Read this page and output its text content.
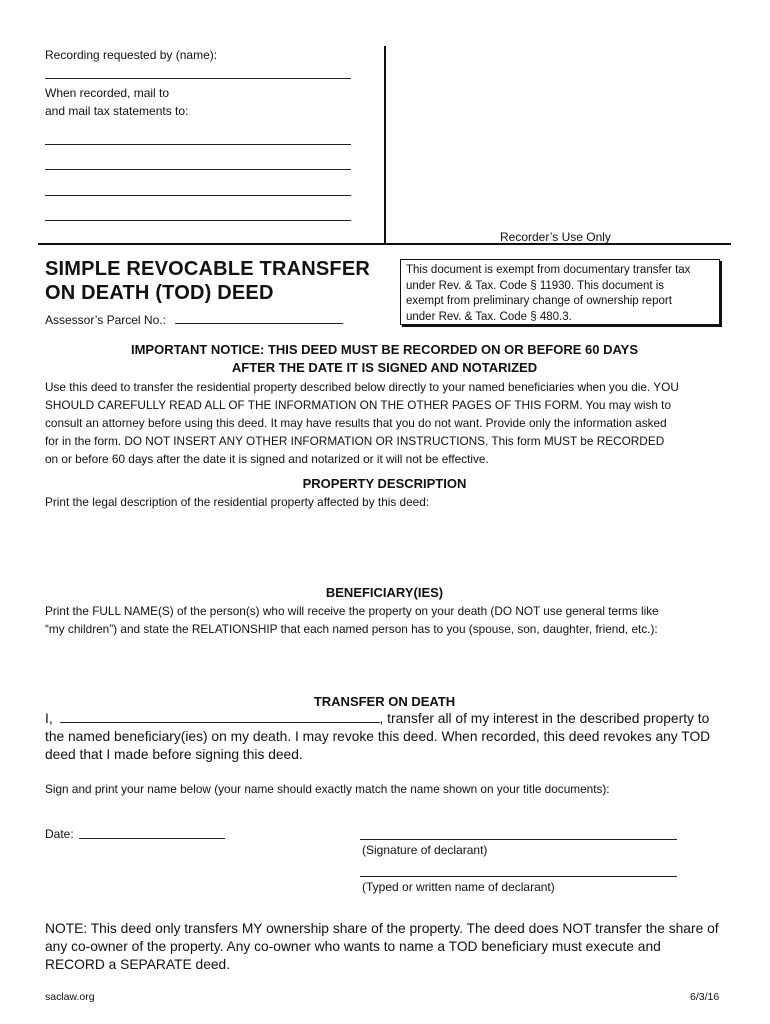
Recording requested by (name):
When recorded, mail to
and mail tax statements to:
Recorder’s Use Only
SIMPLE REVOCABLE TRANSFER
ON DEATH (TOD) DEED
Assessor’s Parcel No.:
This document is exempt from documentary transfer tax
under Rev. & Tax. Code § 11930. This document is
exempt from preliminary change of ownership report
under Rev. & Tax. Code § 480.3.
IMPORTANT NOTICE: THIS DEED MUST BE RECORDED ON OR BEFORE 60 DAYS
AFTER THE DATE IT IS SIGNED AND NOTARIZED
Use this deed to transfer the residential property described below directly to your named beneficiaries when you die. YOU
SHOULD CAREFULLY READ ALL OF THE INFORMATION ON THE OTHER PAGES OF THIS FORM. You may wish to
consult an attorney before using this deed. It may have results that you do not want. Provide only the information asked
for in the form. DO NOT INSERT ANY OTHER INFORMATION OR INSTRUCTIONS. This form MUST be RECORDED
on or before 60 days after the date it is signed and notarized or it will not be effective.
PROPERTY DESCRIPTION
Print the legal description of the residential property affected by this deed:
BENEFICIARY(IES)
Print the FULL NAME(S) of the person(s) who will receive the property on your death (DO NOT use general terms like
“my children”) and state the RELATIONSHIP that each named person has to you (spouse, son, daughter, friend, etc.):
TRANSFER ON DEATH
I,	, transfer all of my interest in the described property to
the named beneficiary(ies) on my death. I may revoke this deed. When recorded, this deed revokes any TOD
deed that I made before signing this deed.
Sign and print your name below (your name should exactly match the name shown on your title documents):
Date:
(Signature of declarant)
(Typed or written name of declarant)
NOTE: This deed only transfers MY ownership share of the property. The deed does NOT transfer the share of
any co-owner of the property. Any co-owner who wants to name a TOD beneficiary must execute and
RECORD a SEPARATE deed.
saclaw.org	6/3/16
